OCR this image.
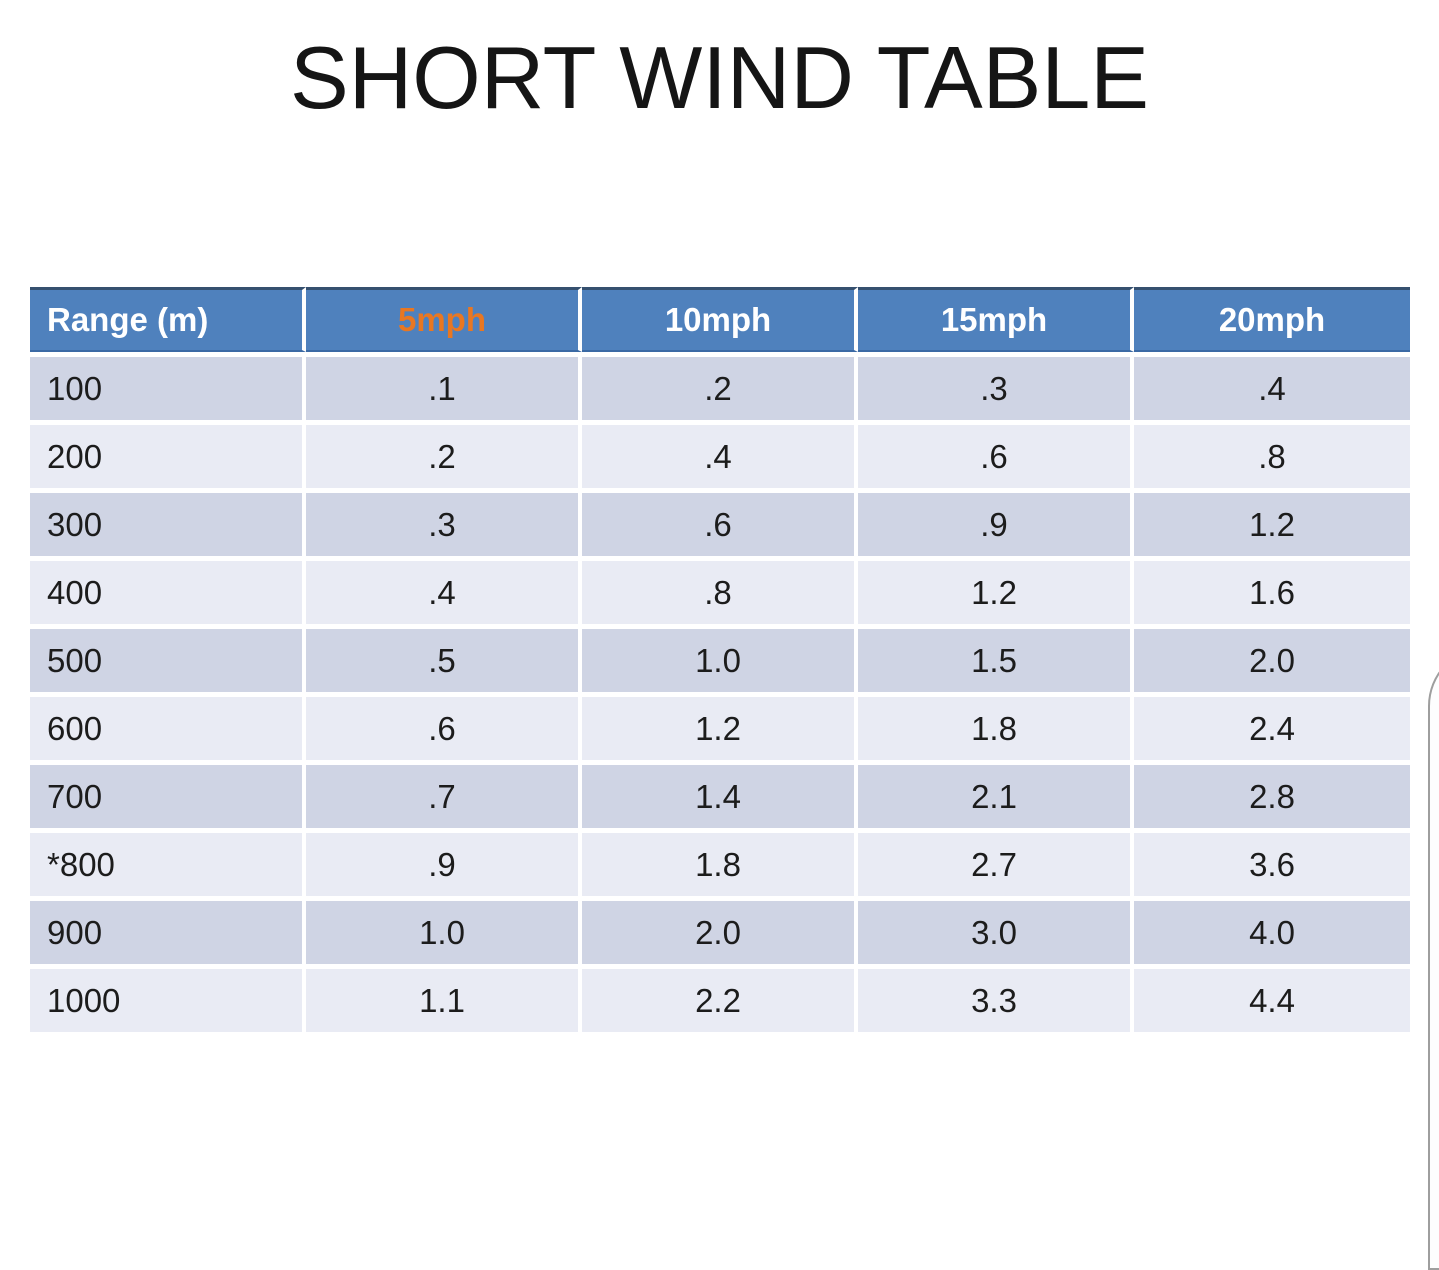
SHORT WIND TABLE
Range (m)	5mph	10mph	15mph	20mph
100	.1	.2	.3	.4
200	.2	.4	.6	.8
300	.3	.6	.9	1.2
400	.4	.8	1.2	1.6
500	.5	1.0	1.5	2.0
600	.6	1.2	1.8	2.4
700	.7	1.4	2.1	2.8
*800	.9	1.8	2.7	3.6
900	1.0	2.0	3.0	4.0
1000	1.1	2.2	3.3	4.4
